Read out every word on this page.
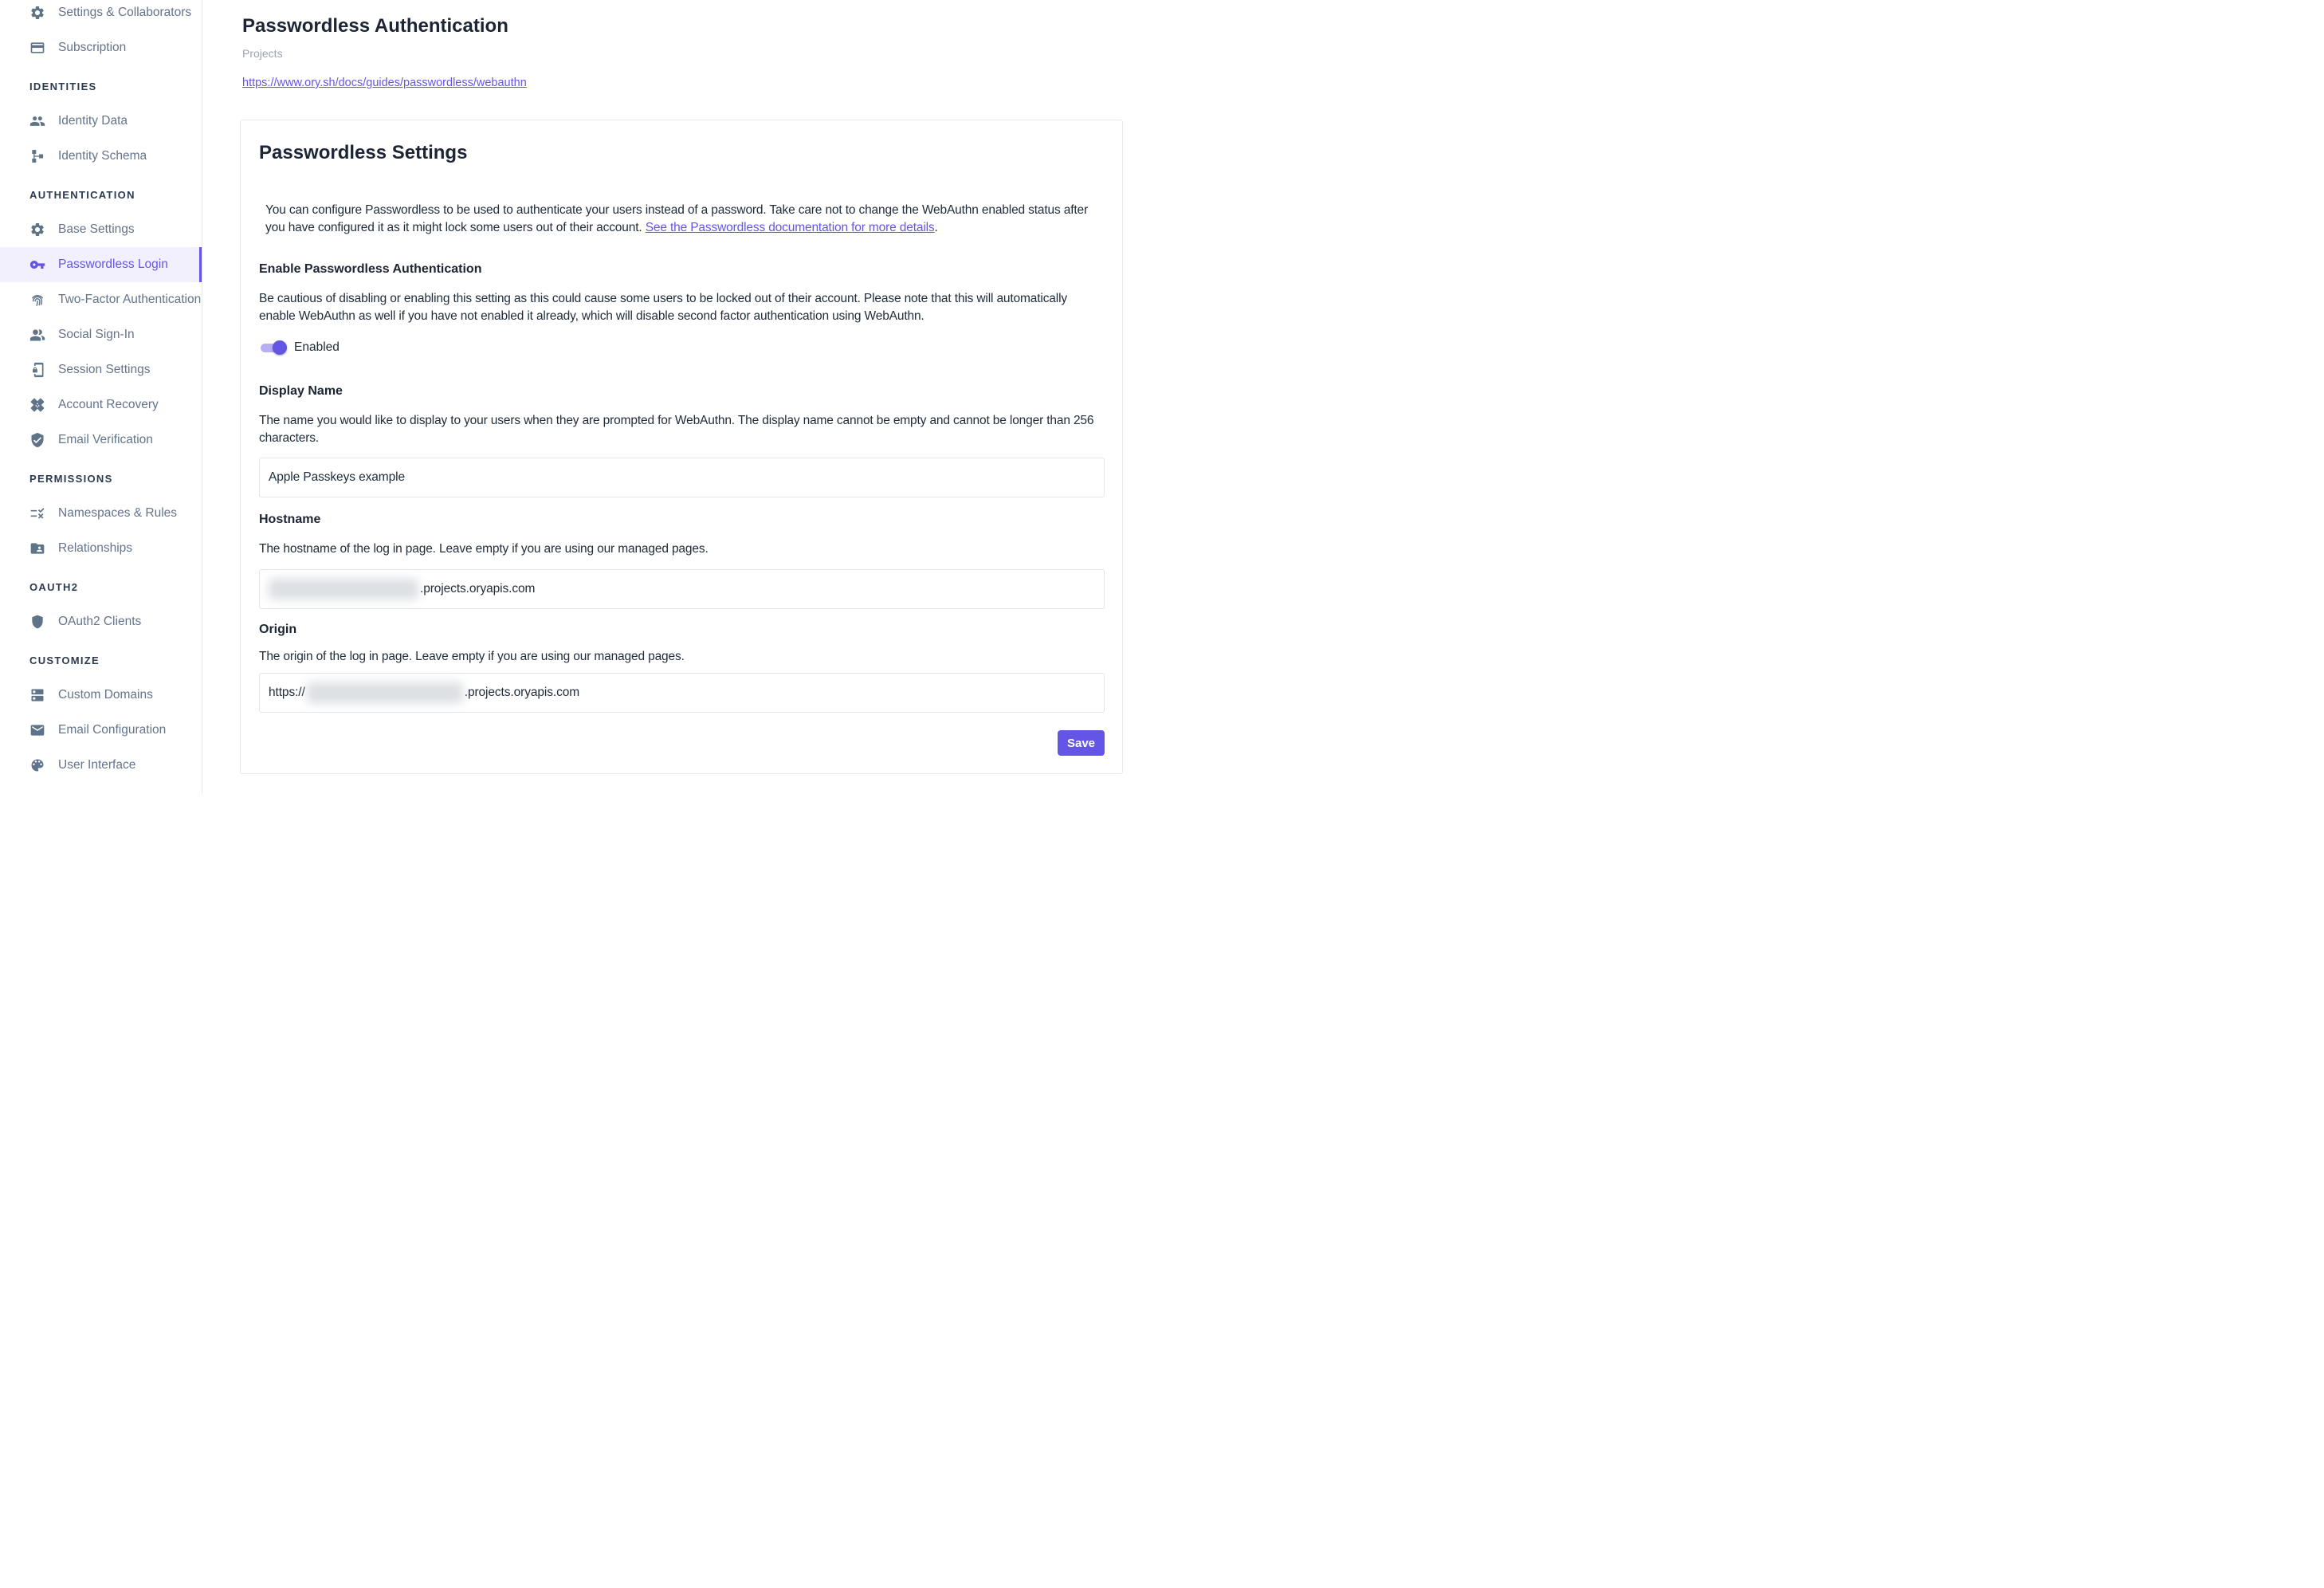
Settings & Collaborators
Subscription
IDENTITIES
Identity Data
Identity Schema
AUTHENTICATION
Base Settings
Passwordless Login
Two-Factor Authentication
Social Sign-In
Session Settings
Account Recovery
Email Verification
PERMISSIONS
Namespaces & Rules
Relationships
OAUTH2
OAuth2 Clients
CUSTOMIZE
Custom Domains
Email Configuration
User Interface
Passwordless Authentication
Projects
https://www.ory.sh/docs/guides/passwordless/webauthn
Passwordless Settings

You can configure Passwordless to be used to authenticate your users instead of a password. Take care not to change the WebAuthn enabled status after you have configured it as it might lock some users out of their account. See the Passwordless documentation for more details.

Enable Passwordless Authentication

Be cautious of disabling or enabling this setting as this could cause some users to be locked out of their account. Please note that this will automatically enable WebAuthn as well if you have not enabled it already, which will disable second factor authentication using WebAuthn.

Enabled
Display Name

The name you would like to display to your users when they are prompted for WebAuthn. The display name cannot be empty and cannot be longer than 256 characters.

Apple Passkeys example
Hostname

The hostname of the log in page. Leave empty if you are using our managed pages.

.projects.oryapis.com
Origin

The origin of the log in page. Leave empty if you are using our managed pages.

https://	.projects.oryapis.com
Save
